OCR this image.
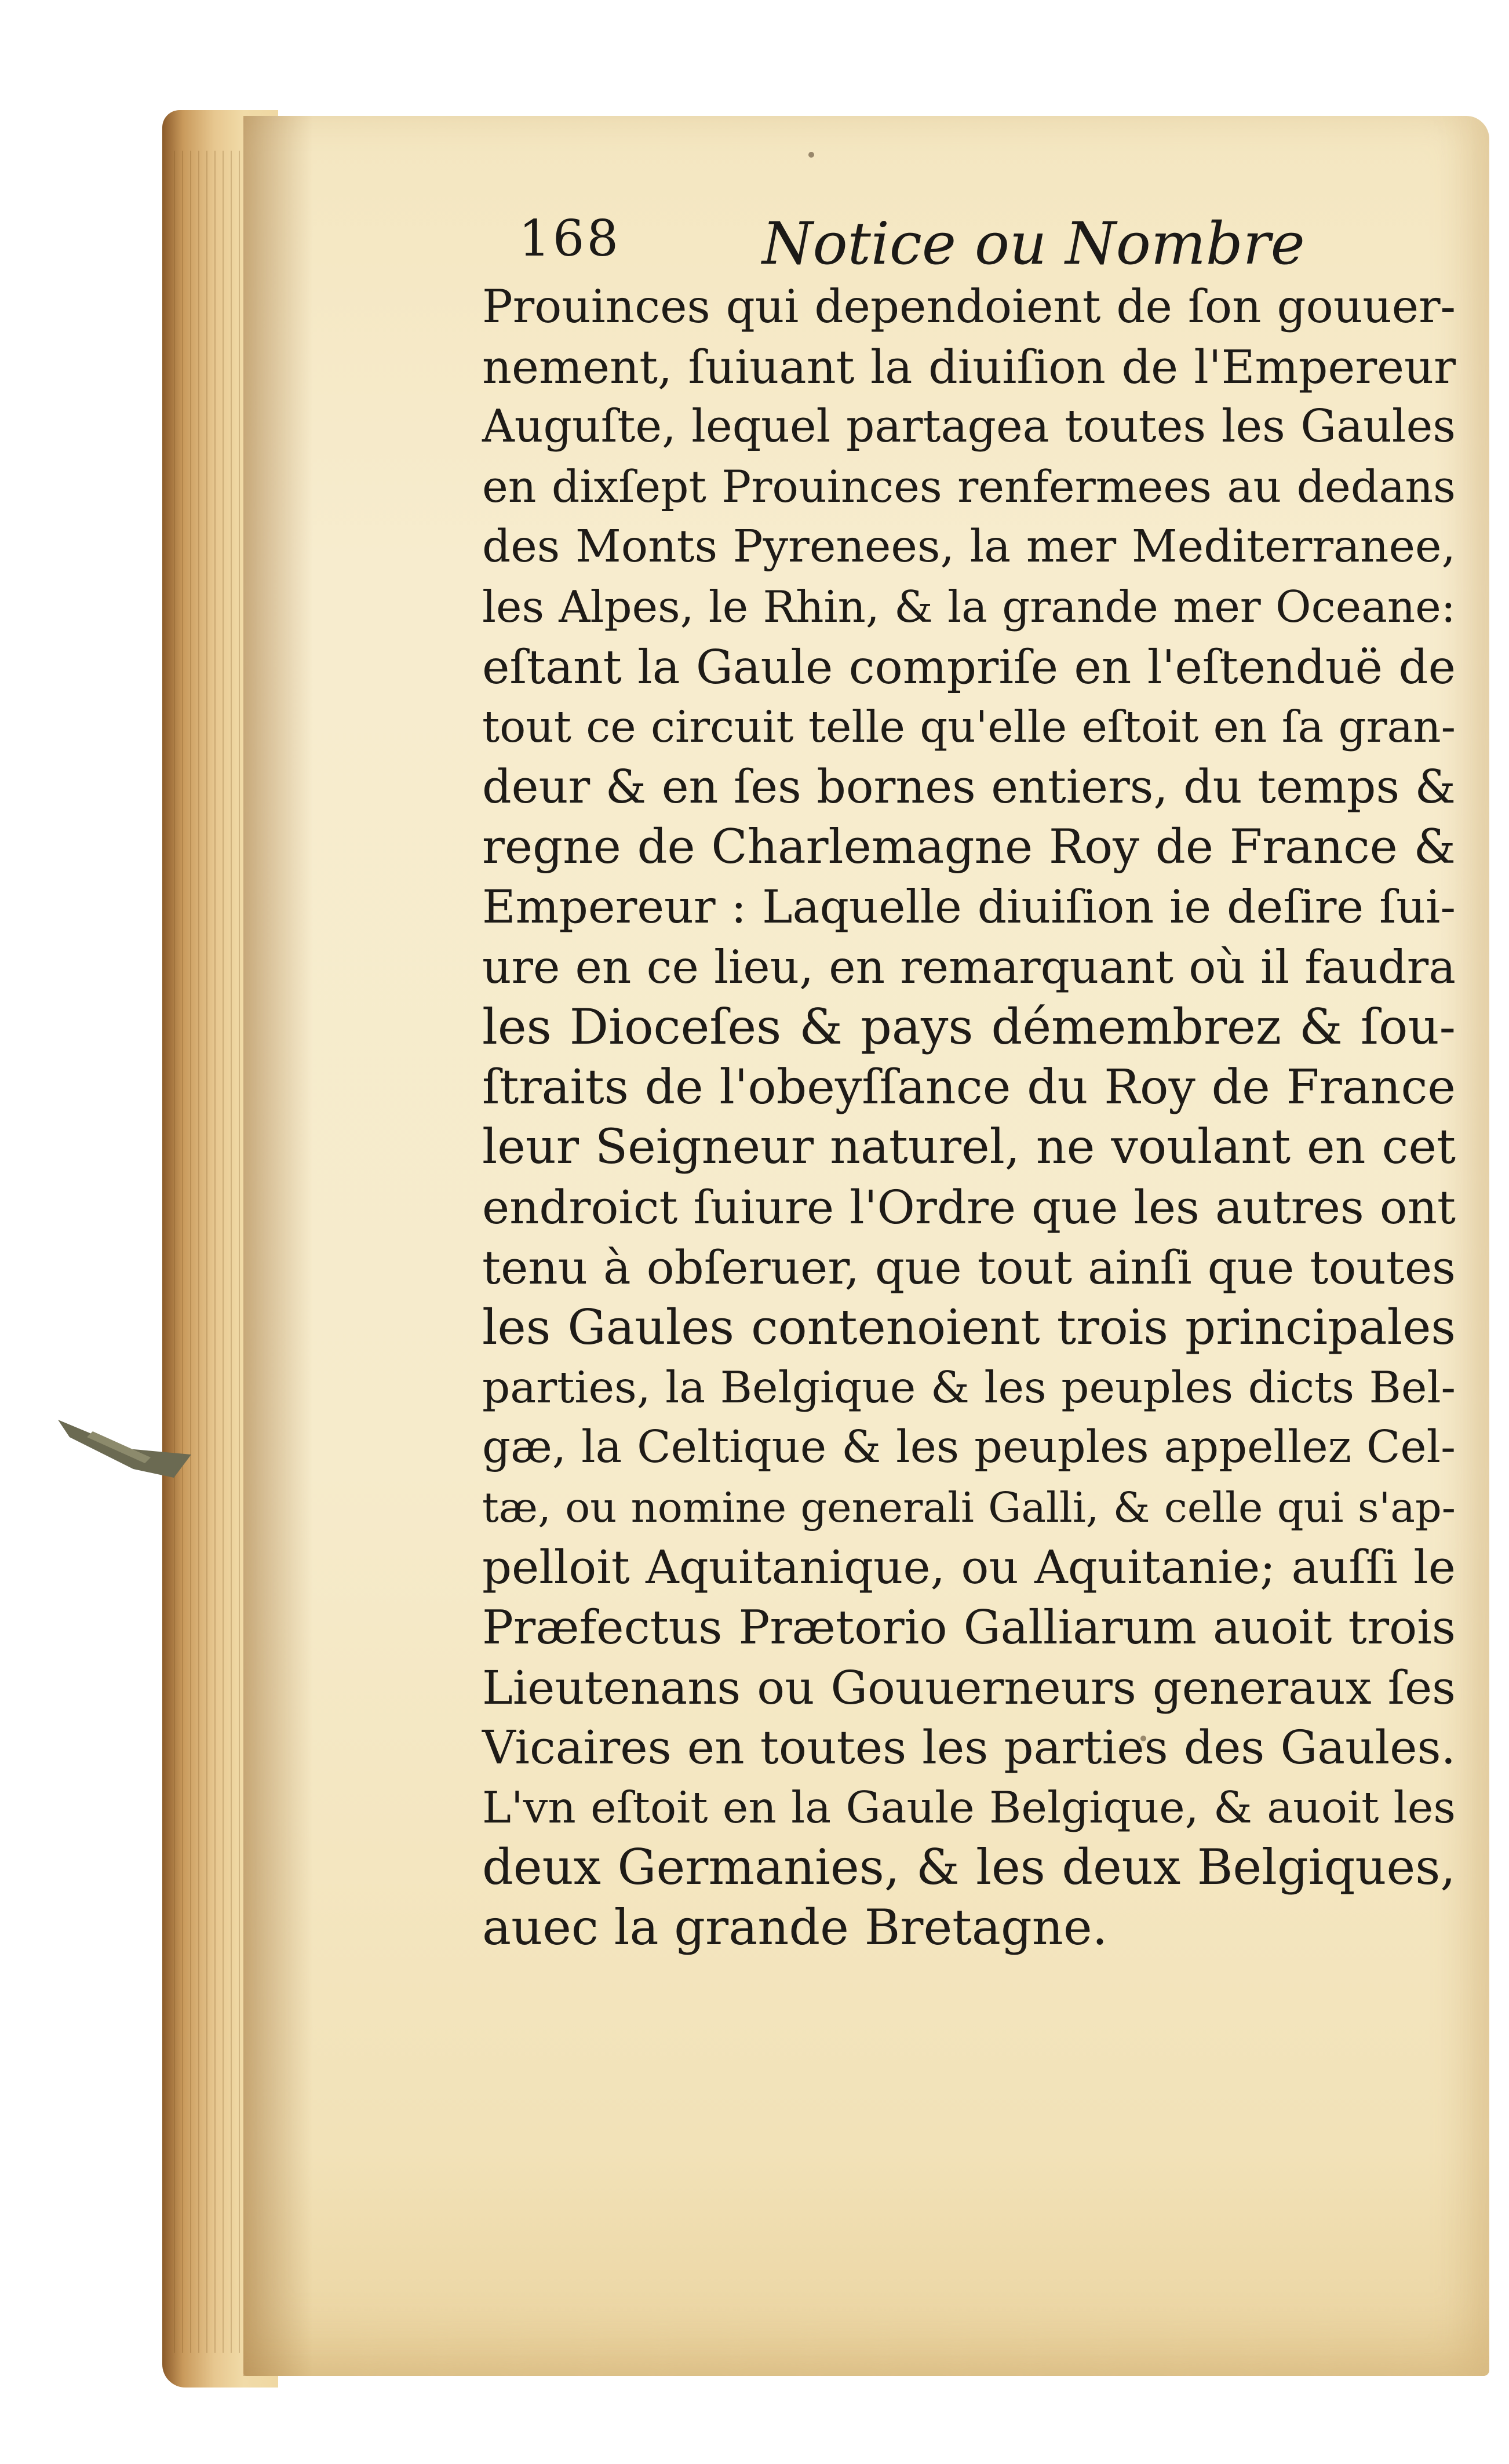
168 Notice ou Nombre
Prouinces qui dependoient de ſon gouuer-
nement, ſuiuant la diuiſion de l'Empereur
Auguſte, lequel partagea toutes les Gaules
en dixſept Prouinces renfermees au dedans
des Monts Pyrenees, la mer Mediterranee,
les Alpes, le Rhin, & la grande mer Oceane:
eſtant la Gaule compriſe en l'eſtenduë de
tout ce circuit telle qu'elle eſtoit en ſa gran-
deur & en ſes bornes entiers, du temps &
regne de Charlemagne Roy de France &
Empereur : Laquelle diuiſion ie deſire ſui-
ure en ce lieu, en remarquant où il faudra
les Dioceſes & pays démembrez & ſou-
ſtraits de l'obeyſſance du Roy de France
leur Seigneur naturel, ne voulant en cet
endroict ſuiure l'Ordre que les autres ont
tenu à obſeruer, que tout ainſi que toutes
les Gaules contenoient trois principales
parties, la Belgique & les peuples dicts Bel-
gæ, la Celtique & les peuples appellez Cel-
tæ, ou nomine generali Galli, & celle qui s'ap-
pelloit Aquitanique, ou Aquitanie; auſſi le
Præfectus Prætorio Galliarum auoit trois
Lieutenans ou Gouuerneurs generaux ſes
Vicaires en toutes les parties des Gaules.
L'vn eſtoit en la Gaule Belgique, & auoit les
deux Germanies, & les deux Belgiques,
auec la grande Bretagne.
